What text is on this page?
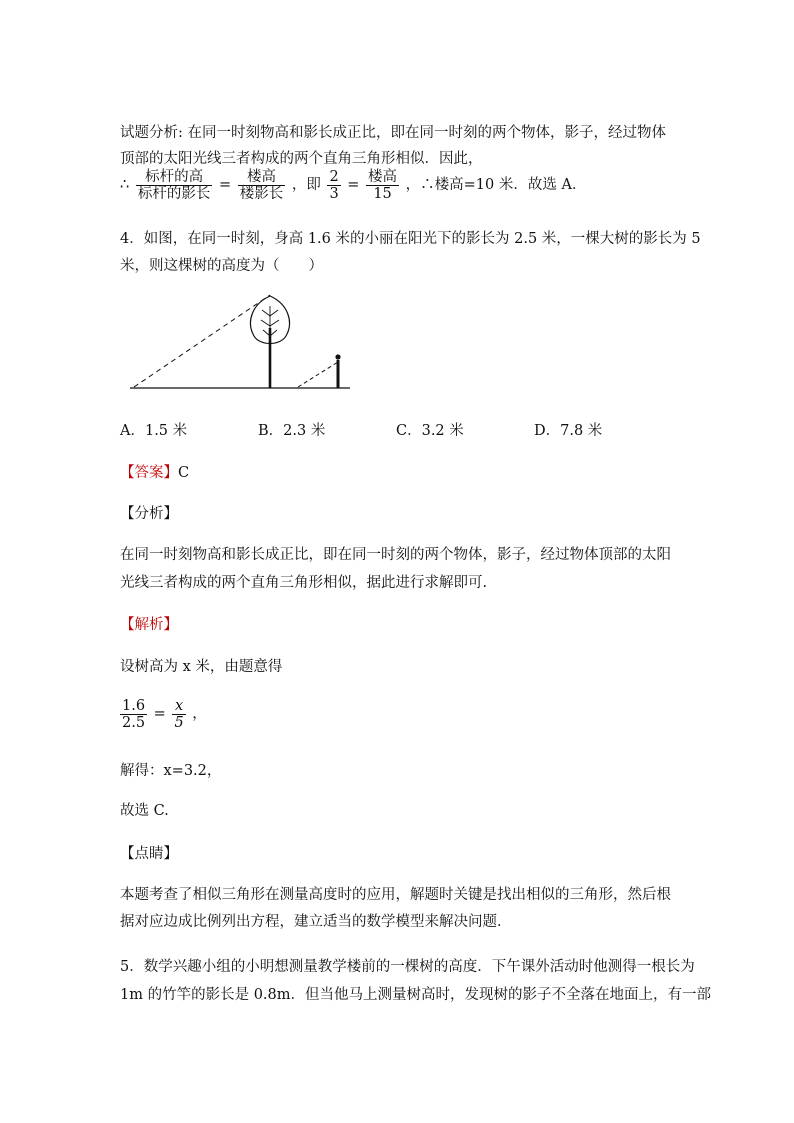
试题分析: 在同一时刻物高和影长成正比，即在同一时刻的两个物体，影子，经过物体
顶部的太阳光线三者构成的两个直角三角形相似．因此，
∴ $\frac{\text{标杆的高}}{\text{标杆的影长}} = \frac{\text{楼高}}{\text{楼影长}}$ ，即 $\frac{2}{3} = \frac{\text{楼高}}{15}$ ，∴楼高=10 米．故选 A．
4．如图，在同一时刻，身高 1.6 米的小丽在阳光下的影长为 2.5 米，一棵大树的影长为 5
米，则这棵树的高度为（　　）
A．1.5 米	B．2.3 米	C．3.2 米	D．7.8 米
【答案】C
【分析】
在同一时刻物高和影长成正比，即在同一时刻的两个物体，影子，经过物体顶部的太阳
光线三者构成的两个直角三角形相似，据此进行求解即可.
【解析】
设树高为 x 米，由题意得
$\frac{1.6}{2.5} = \frac{x}{5}$ ，
解得：x=3.2，
故选 C.
【点睛】
本题考查了相似三角形在测量高度时的应用，解题时关键是找出相似的三角形，然后根
据对应边成比例列出方程，建立适当的数学模型来解决问题．
5．数学兴趣小组的小明想测量教学楼前的一棵树的高度．下午课外活动时他测得一根长为
1m 的竹竿的影长是 0.8m．但当他马上测量树高时，发现树的影子不全落在地面上，有一部
